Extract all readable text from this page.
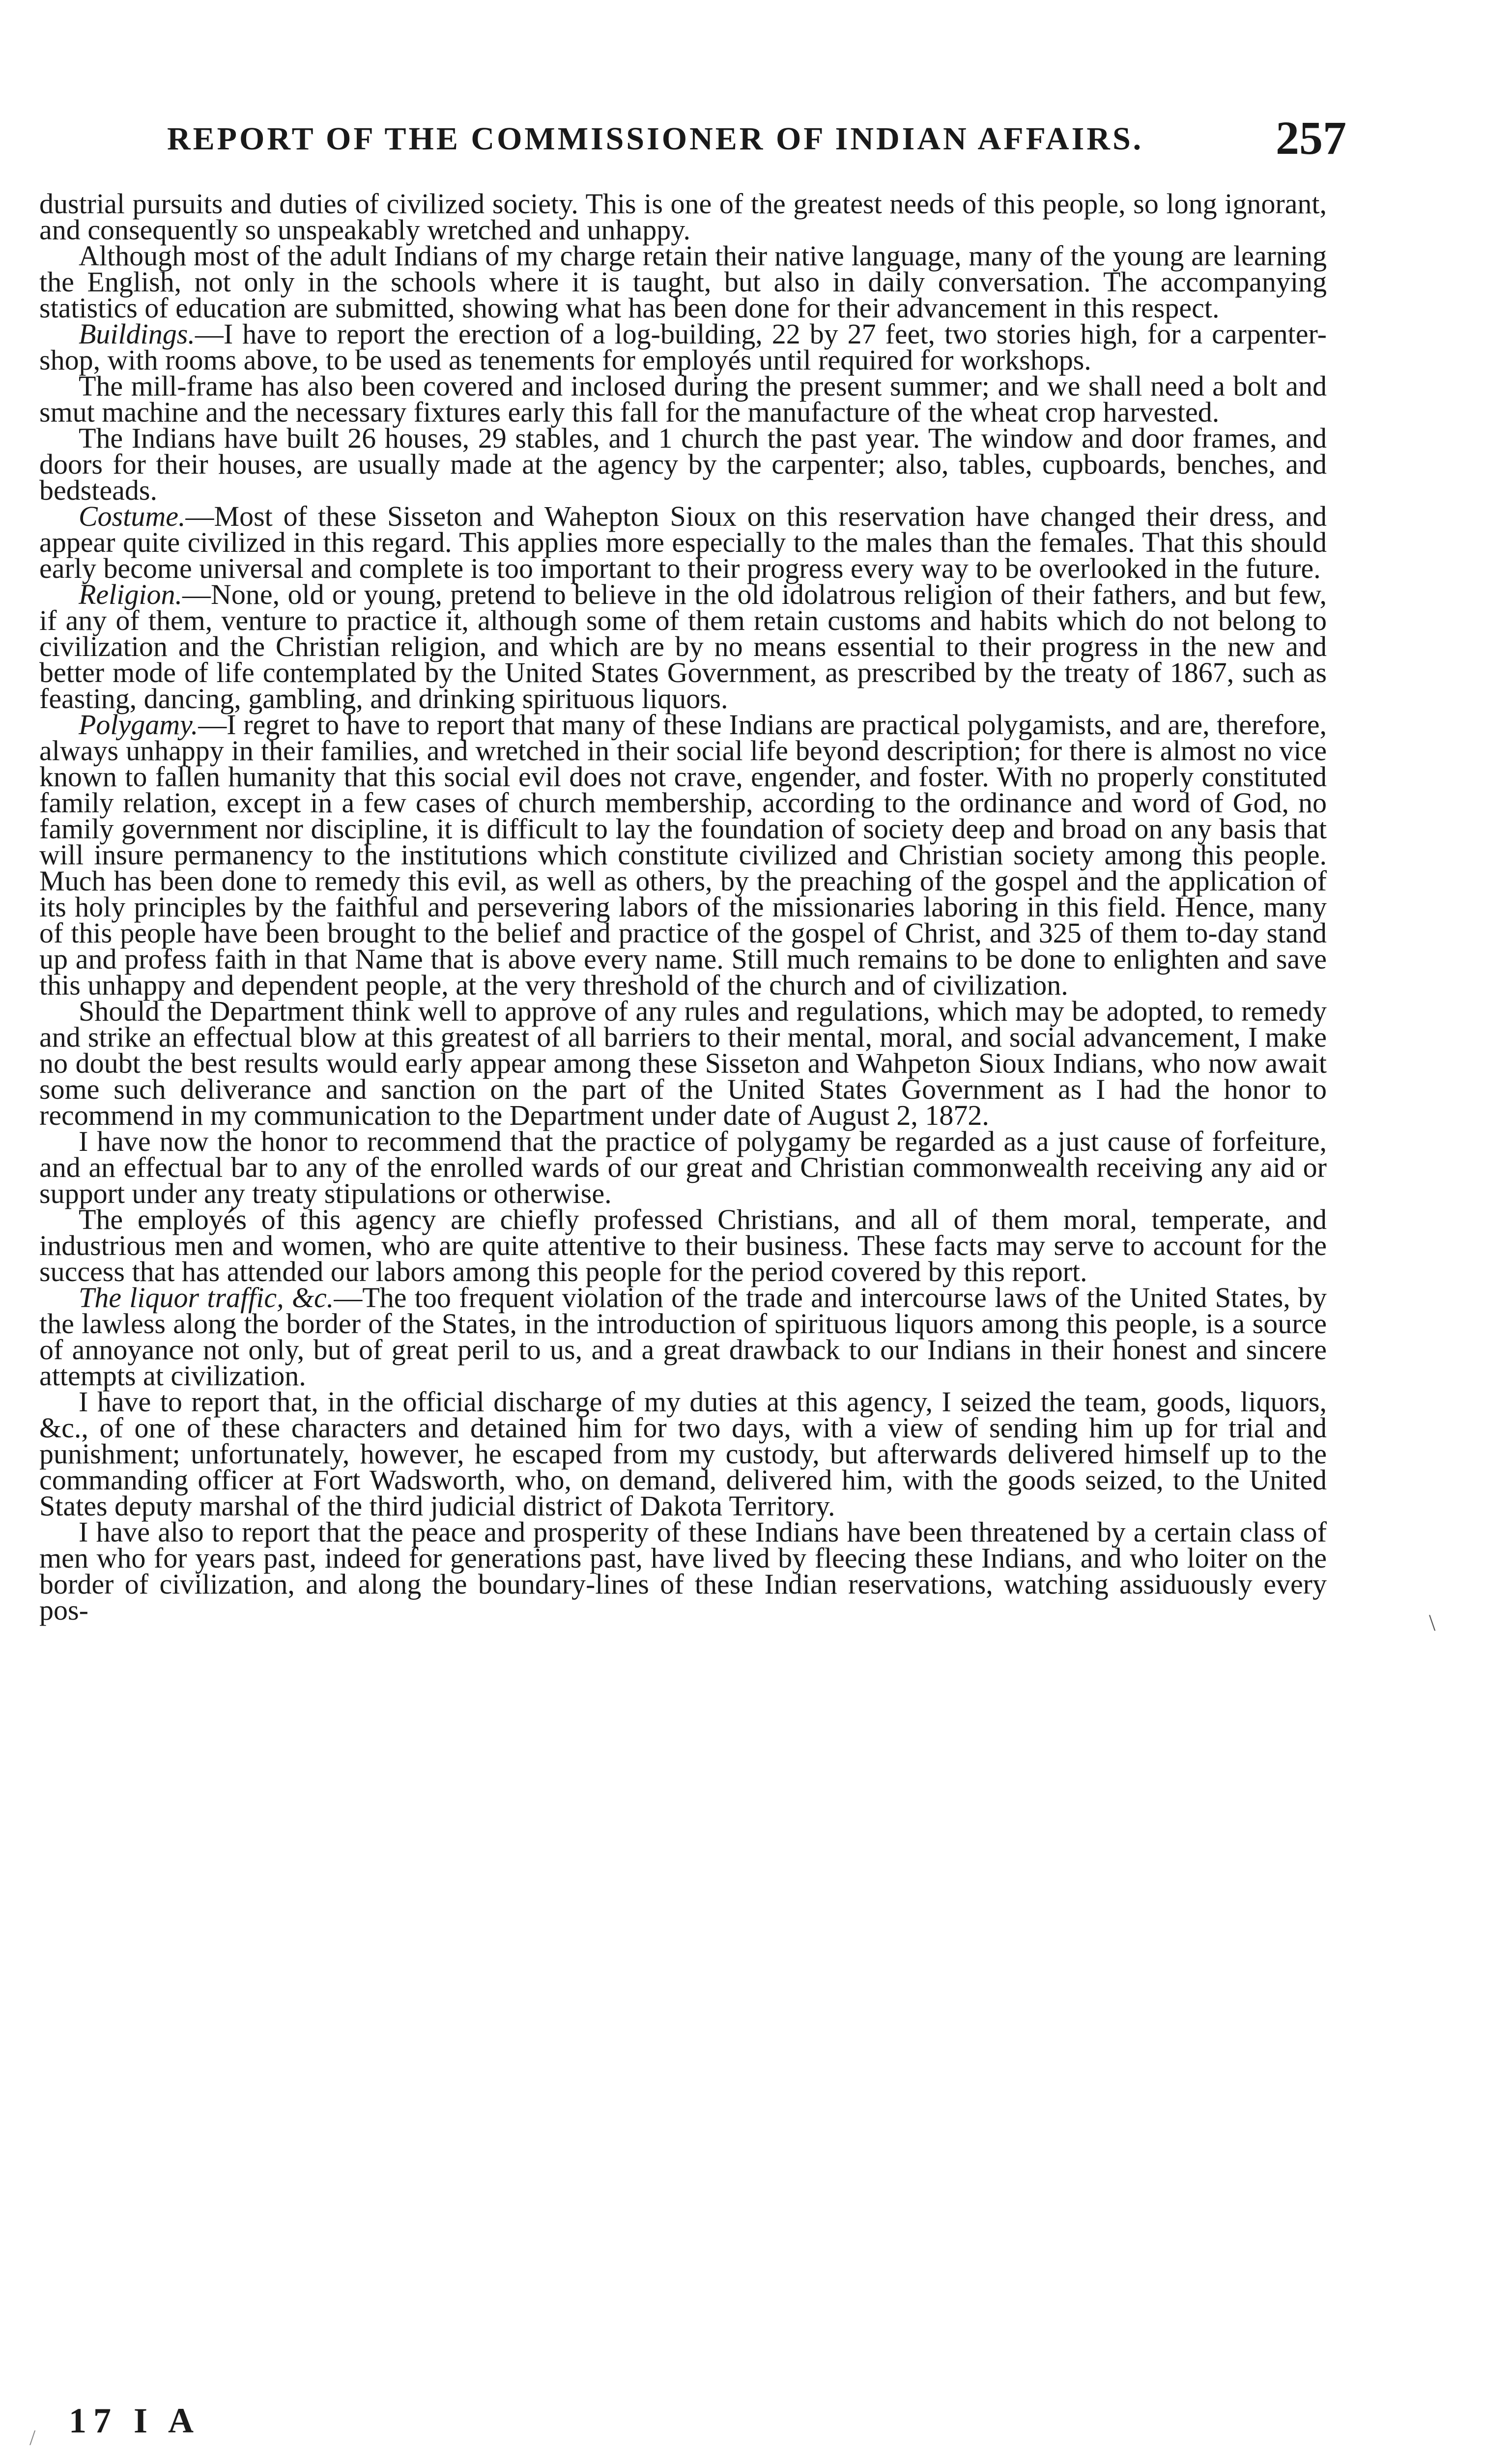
REPORT OF THE COMMISSIONER OF INDIAN AFFAIRS.	257

dustrial pursuits and duties of civilized society. This is one of the greatest needs of this people, so long ignorant, and consequently so unspeakably wretched and unhappy.

Although most of the adult Indians of my charge retain their native language, many of the young are learning the English, not only in the schools where it is taught, but also in daily conversation. The accompanying statistics of education are submitted, showing what has been done for their advancement in this respect.

Buildings.—I have to report the erection of a log-building, 22 by 27 feet, two stories high, for a carpenter-shop, with rooms above, to be used as tenements for employés until required for workshops.

The mill-frame has also been covered and inclosed during the present summer; and we shall need a bolt and smut machine and the necessary fixtures early this fall for the manufacture of the wheat crop harvested.

The Indians have built 26 houses, 29 stables, and 1 church the past year. The window and door frames, and doors for their houses, are usually made at the agency by the carpenter; also, tables, cupboards, benches, and bedsteads.

Costume.—Most of these Sisseton and Wahepton Sioux on this reservation have changed their dress, and appear quite civilized in this regard. This applies more especially to the males than the females. That this should early become universal and complete is too important to their progress every way to be overlooked in the future.

Religion.—None, old or young, pretend to believe in the old idolatrous religion of their fathers, and but few, if any of them, venture to practice it, although some of them retain customs and habits which do not belong to civilization and the Christian religion, and which are by no means essential to their progress in the new and better mode of life contemplated by the United States Government, as prescribed by the treaty of 1867, such as feasting, dancing, gambling, and drinking spirituous liquors.

Polygamy.—I regret to have to report that many of these Indians are practical polygamists, and are, therefore, always unhappy in their families, and wretched in their social life beyond description; for there is almost no vice known to fallen humanity that this social evil does not crave, engender, and foster. With no properly constituted family relation, except in a few cases of church membership, according to the ordinance and word of God, no family government nor discipline, it is difficult to lay the foundation of society deep and broad on any basis that will insure permanency to the institutions which constitute civilized and Christian society among this people. Much has been done to remedy this evil, as well as others, by the preaching of the gospel and the application of its holy principles by the faithful and persevering labors of the missionaries laboring in this field. Hence, many of this people have been brought to the belief and practice of the gospel of Christ, and 325 of them to-day stand up and profess faith in that Name that is above every name. Still much remains to be done to enlighten and save this unhappy and dependent people, at the very threshold of the church and of civilization.

Should the Department think well to approve of any rules and regulations, which may be adopted, to remedy and strike an effectual blow at this greatest of all barriers to their mental, moral, and social advancement, I make no doubt the best results would early appear among these Sisseton and Wahpeton Sioux Indians, who now await some such deliverance and sanction on the part of the United States Government as I had the honor to recommend in my communication to the Department under date of August 2, 1872.

I have now the honor to recommend that the practice of polygamy be regarded as a just cause of forfeiture, and an effectual bar to any of the enrolled wards of our great and Christian commonwealth receiving any aid or support under any treaty stipulations or otherwise.

The employés of this agency are chiefly professed Christians, and all of them moral, temperate, and industrious men and women, who are quite attentive to their business. These facts may serve to account for the success that has attended our labors among this people for the period covered by this report.

The liquor traffic, &c.—The too frequent violation of the trade and intercourse laws of the United States, by the lawless along the border of the States, in the introduction of spirituous liquors among this people, is a source of annoyance not only, but of great peril to us, and a great drawback to our Indians in their honest and sincere attempts at civilization.

I have to report that, in the official discharge of my duties at this agency, I seized the team, goods, liquors, &c., of one of these characters and detained him for two days, with a view of sending him up for trial and punishment; unfortunately, however, he escaped from my custody, but afterwards delivered himself up to the commanding officer at Fort Wadsworth, who, on demand, delivered him, with the goods seized, to the United States deputy marshal of the third judicial district of Dakota Territory.

I have also to report that the peace and prosperity of these Indians have been threatened by a certain class of men who for years past, indeed for generations past, have lived by fleecing these Indians, and who loiter on the border of civilization, and along the boundary-lines of these Indian reservations, watching assiduously every pos-	\
/ 17 I A
